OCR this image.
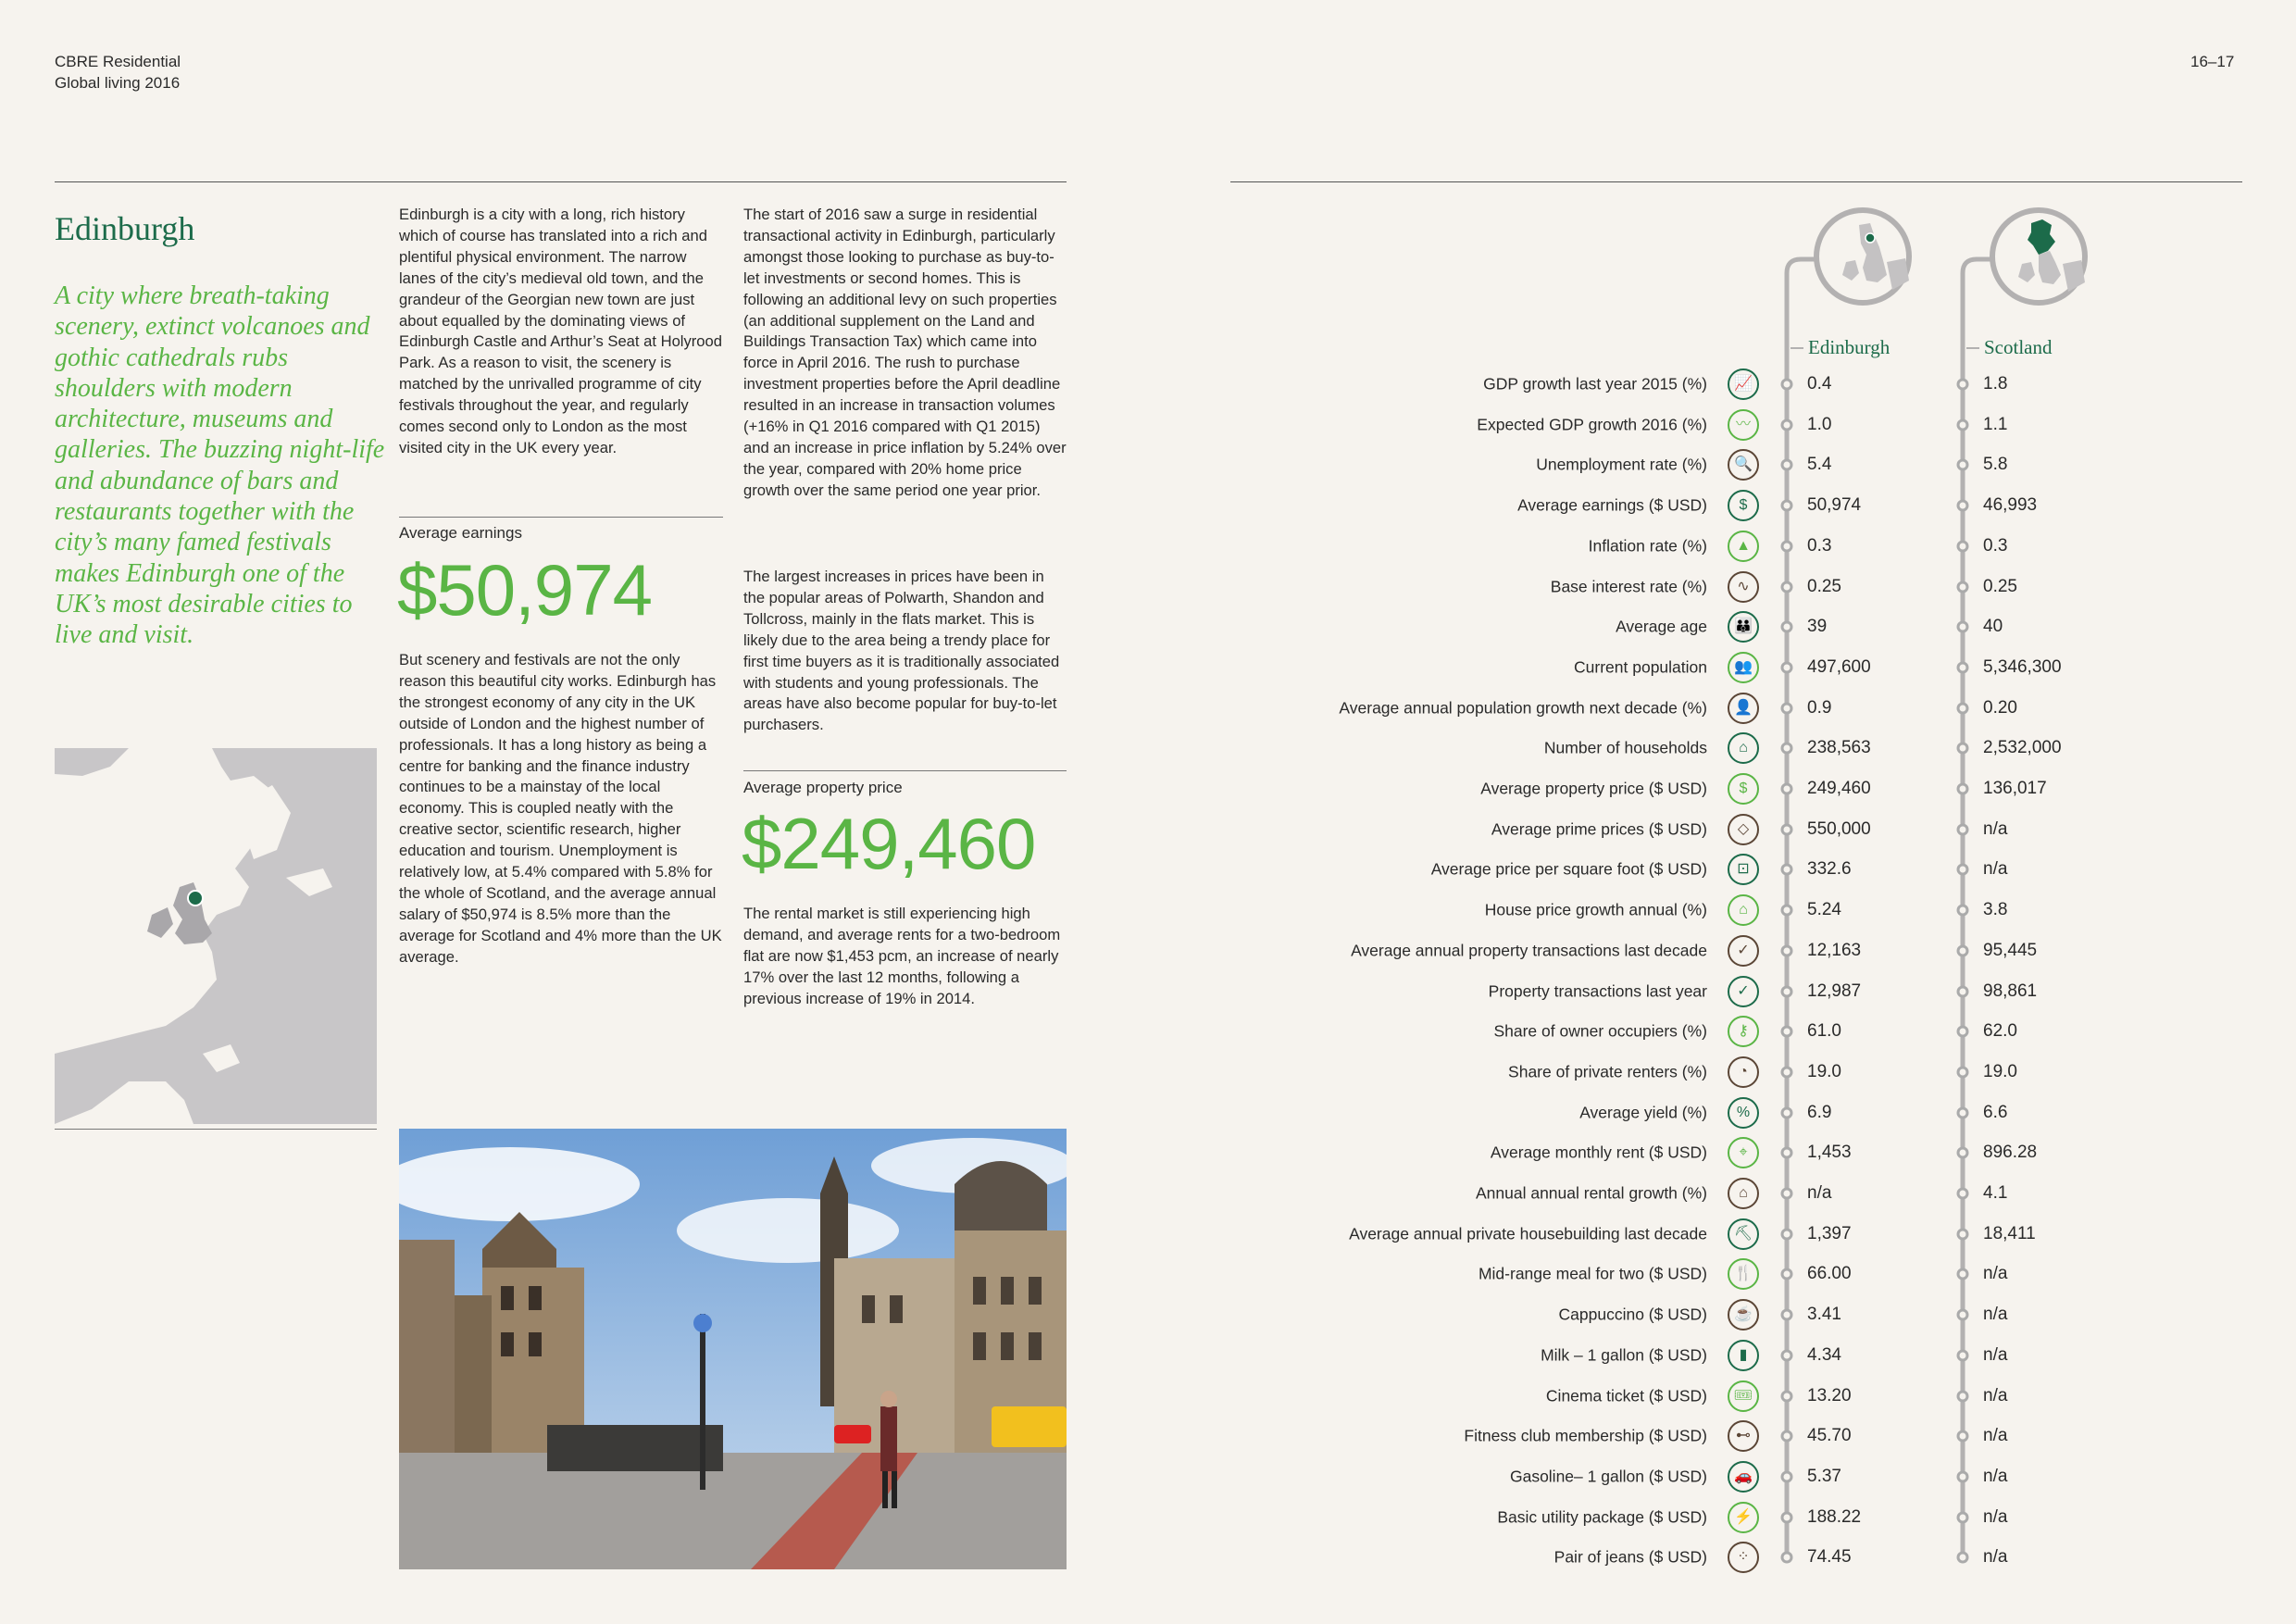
CBRE Residential
Global living 2016
16–17
Edinburgh
A city where breath-taking scenery, extinct volcanoes and gothic cathedrals rubs shoulders with modern architecture, museums and galleries. The buzzing night-life and abundance of bars and restaurants together with the city’s many famed festivals makes Edinburgh one of the UK’s most desirable cities to live and visit.
Edinburgh is a city with a long, rich history which of course has translated into a rich and plentiful physical environment. The narrow lanes of the city’s medieval old town, and the grandeur of the Georgian new town are just about equalled by the dominating views of Edinburgh Castle and Arthur’s Seat at Holyrood Park. As a reason to visit, the scenery is matched by the unrivalled programme of city festivals throughout the year, and regularly comes second only to London as the most visited city in the UK every year.
Average earnings
$50,974
But scenery and festivals are not the only reason this beautiful city works. Edinburgh has the strongest economy of any city in the UK outside of London and the highest number of professionals. It has a long history as being a centre for banking and the finance industry continues to be a mainstay of the local economy. This is coupled neatly with the creative sector, scientific research, higher education and tourism. Unemployment is relatively low, at 5.4% compared with 5.8% for the whole of Scotland, and the average annual salary of $50,974 is 8.5% more than the average for Scotland and 4% more than the UK average.
The start of 2016 saw a surge in residential transactional activity in Edinburgh, particularly amongst those looking to purchase as buy-to-let investments or second homes. This is following an additional levy on such properties (an additional supplement on the Land and Buildings Transaction Tax) which came into force in April 2016. The rush to purchase investment properties before the April deadline resulted in an increase in transaction volumes (+16% in Q1 2016 compared with Q1 2015) and an increase in price inflation by 5.24% over the year, compared with 20% home price growth over the same period one year prior.
The largest increases in prices have been in the popular areas of Polwarth, Shandon and Tollcross, mainly in the flats market. This is likely due to the area being a trendy place for first time buyers as it is traditionally associated with students and young professionals. The areas have also become popular for buy-to-let purchasers.
Average property price
$249,460
The rental market is still experiencing high demand, and average rents for a two-bedroom flat are now $1,453 pcm, an increase of nearly 17% over the last 12 months, following a previous increase of 19% in 2014.
Edinburgh	Scotland
GDP growth last year 2015 (%)	📈	0.4	1.8
Expected GDP growth 2016 (%)	〰	1.0	1.1
Unemployment rate (%)	🔍	5.4	5.8
Average earnings ($ USD)	$	50,974	46,993
Inflation rate (%)	▲	0.3	0.3
Base interest rate (%)	∿	0.25	0.25
Average age	👪	39	40
Current population	👥	497,600	5,346,300
Average annual population growth next decade (%)	👤	0.9	0.20
Number of households	⌂	238,563	2,532,000
Average property price ($ USD)	$	249,460	136,017
Average prime prices ($ USD)	◇	550,000	n/a
Average price per square foot ($ USD)	⊡	332.6	n/a
House price growth annual (%)	⌂	5.24	3.8
Average annual property transactions last decade	✓	12,163	95,445
Property transactions last year	✓	12,987	98,861
Share of owner occupiers (%)	⚷	61.0	62.0
Share of private renters (%)	◔	19.0	19.0
Average yield (%)	%	6.9	6.6
Average monthly rent ($ USD)	⌖	1,453	896.28
Annual annual rental growth (%)	⌂	n/a	4.1
Average annual private housebuilding last decade	⛏	1,397	18,411
Mid-range meal for two ($ USD)	🍴	66.00	n/a
Cappuccino ($ USD)	☕	3.41	n/a
Milk – 1 gallon ($ USD)	▮	4.34	n/a
Cinema ticket ($ USD)	🎟	13.20	n/a
Fitness club membership ($ USD)	⊷	45.70	n/a
Gasoline– 1 gallon ($ USD)	🚗	5.37	n/a
Basic utility package ($ USD)	⚡	188.22	n/a
Pair of jeans ($ USD)	⁘	74.45	n/a
